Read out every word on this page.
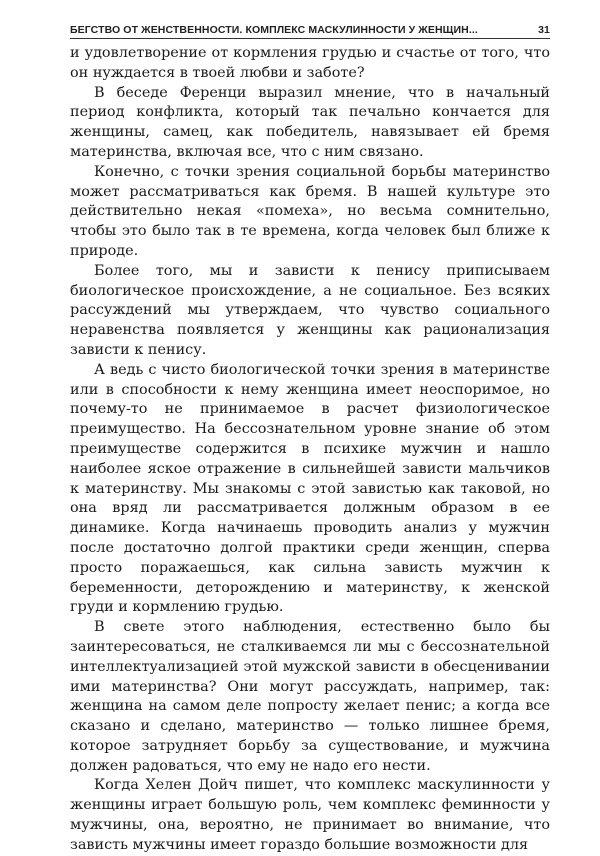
БЕГСТВО ОТ ЖЕНСТВЕННОСТИ. КОМПЛЕКС МАСКУЛИННОСТИ У ЖЕНЩИН...	31

и удовлетворение от кормления грудью и счастье от того, что он нуждается в твоей любви и заботе?

В беседе Ференци выразил мнение, что в начальный период конфликта, который так печально кончается для женщины, самец, как победитель, навязывает ей бремя материнства, включая все, что с ним связано.

Конечно, с точки зрения социальной борьбы материнство может рассматриваться как бремя. В нашей культуре это действительно некая «помеха», но весьма сомнительно, чтобы это было так в те времена, когда человек был ближе к природе.

Более того, мы и зависти к пенису приписываем биологическое происхождение, а не социальное. Без всяких рассуждений мы утверждаем, что чувство социального неравенства появляется у женщины как рационализация зависти к пенису.

А ведь с чисто биологической точки зрения в материнстве или в способности к нему женщина имеет неоспоримое, но почему-то не принимаемое в расчет физиологическое преимущество. На бессознательном уровне знание об этом преимуществе содержится в психике мужчин и нашло наиболее яское отражение в сильнейшей зависти мальчиков к материнству. Мы знакомы с этой завистью как таковой, но она вряд ли рассматривается должным образом в ее динамике. Когда начинаешь проводить анализ у мужчин после достаточно долгой практики среди женщин, сперва просто поражаешься, как сильна зависть мужчин к беременности, деторождению и материнству, к женской груди и кормлению грудью.

В свете этого наблюдения, естественно было бы заинтересоваться, не сталкиваемся ли мы с бессознательной интеллектуализацией этой мужской зависти в обесценивании ими материнства? Они могут рассуждать, например, так: женщина на самом деле попросту желает пенис; а когда все сказано и сделано, материнство — только лишнее бремя, которое затрудняет борьбу за существование, и мужчина должен радоваться, что ему не надо его нести.

Когда Хелен Дойч пишет, что комплекс маскулинности у женщины играет большую роль, чем комплекс феминности у мужчины, она, вероятно, не принимает во внимание, что зависть мужчины имеет гораздо большие возможности для
